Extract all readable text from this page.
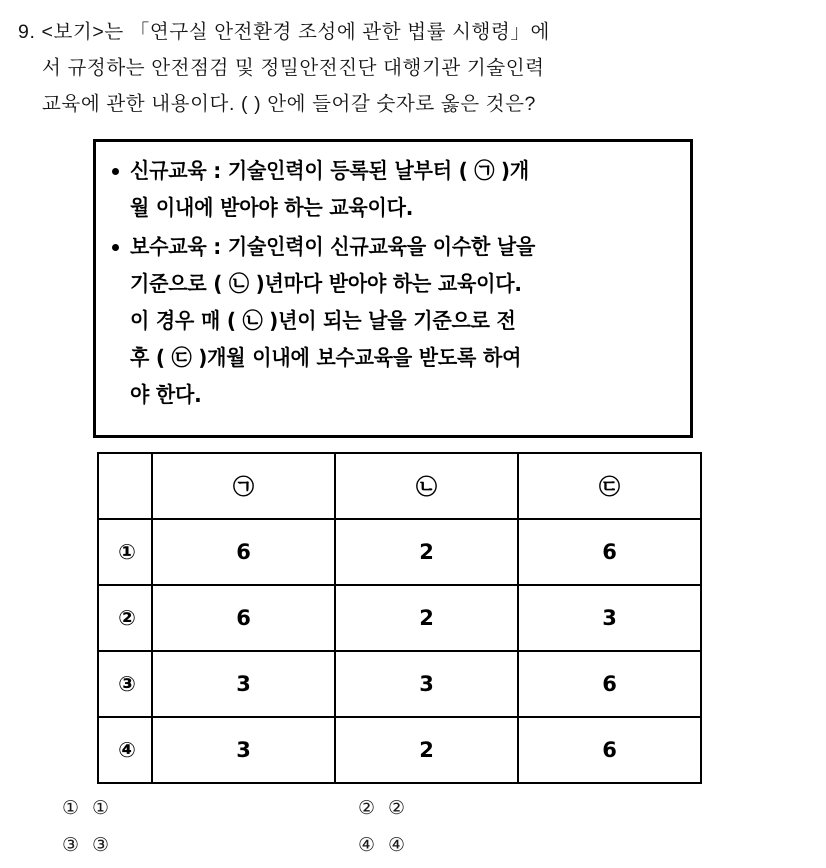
9. <보기>는 「연구실 안전환경 조성에 관한 법률 시행령」에
서 규정하는 안전점검 및 정밀안전진단 대행기관 기술인력
교육에 관한 내용이다. ( ) 안에 들어갈 숫자로 옳은 것은?
신규교육 : 기술인력이 등록된 날부터 ( ㉠ )개
월 이내에 받아야 하는 교육이다.
보수교육 : 기술인력이 신규교육을 이수한 날을
기준으로 ( ㉡ )년마다 받아야 하는 교육이다.
이 경우 매 ( ㉡ )년이 되는 날을 기준으로 전
후 ( ㉢ )개월 이내에 보수교육을 받도록 하여
야 한다.
	㉠	㉡	㉢
①	6	2	6
②	6	2	3
③	3	3	6
④	3	2	6
① ①	② ②
③ ③	④ ④
